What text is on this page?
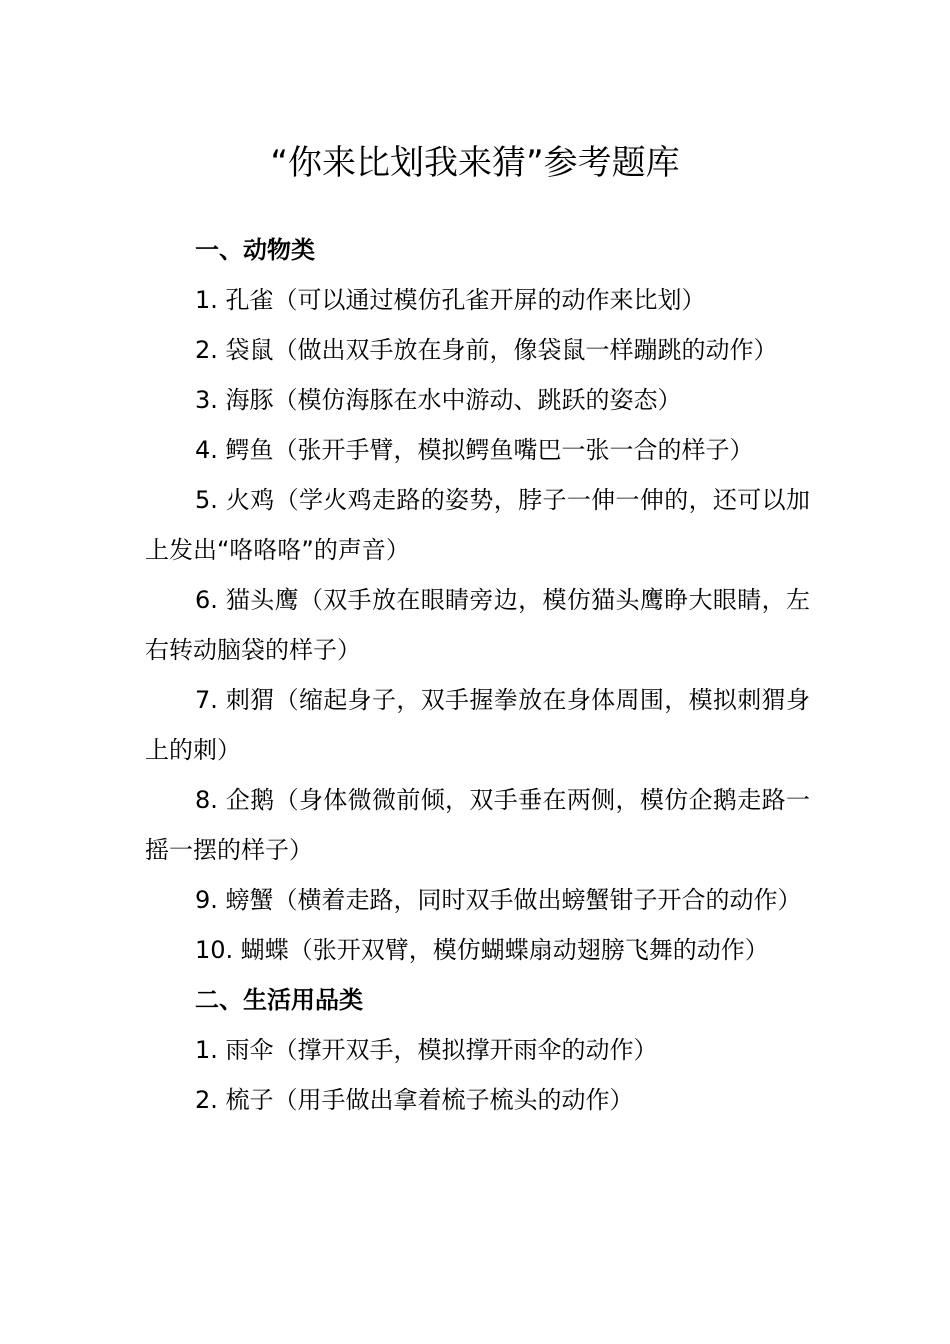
“你来比划我来猜”参考题库

一、动物类

1. 孔雀（可以通过模仿孔雀开屏的动作来比划）

2. 袋鼠（做出双手放在身前，像袋鼠一样蹦跳的动作）

3. 海豚（模仿海豚在水中游动、跳跃的姿态）

4. 鳄鱼（张开手臂，模拟鳄鱼嘴巴一张一合的样子）

5. 火鸡（学火鸡走路的姿势，脖子一伸一伸的，还可以加上发出“咯咯咯”的声音）

6. 猫头鹰（双手放在眼睛旁边，模仿猫头鹰睁大眼睛，左右转动脑袋的样子）

7. 刺猬（缩起身子，双手握拳放在身体周围，模拟刺猬身上的刺）

8. 企鹅（身体微微前倾，双手垂在两侧，模仿企鹅走路一摇一摆的样子）

9. 螃蟹（横着走路，同时双手做出螃蟹钳子开合的动作）

10. 蝴蝶（张开双臂，模仿蝴蝶扇动翅膀飞舞的动作）

二、生活用品类

1. 雨伞（撑开双手，模拟撑开雨伞的动作）

2. 梳子（用手做出拿着梳子梳头的动作）
